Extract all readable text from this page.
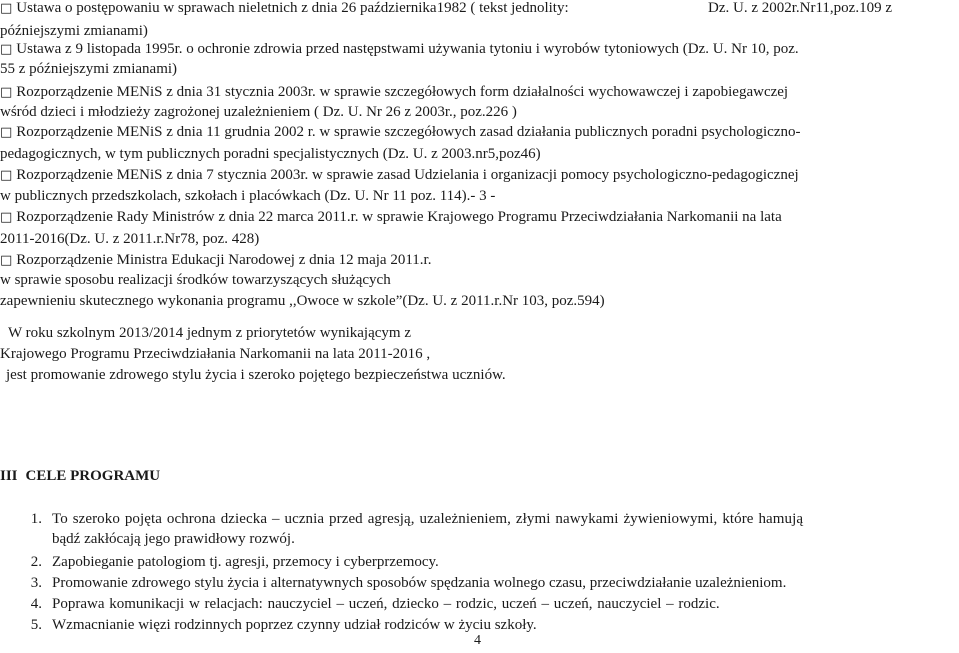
□ Ustawa o postępowaniu w sprawach nieletnich z dnia 26 października1982 ( tekst jednolity:	Dz. U. z 2002r.Nr11,poz.109 z
późniejszymi zmianami)
□ Ustawa z 9 listopada 1995r. o ochronie zdrowia przed następstwami używania tytoniu i wyrobów tytoniowych (Dz. U. Nr 10, poz.
55 z późniejszymi zmianami)
□ Rozporządzenie MENiS z dnia 31 stycznia 2003r. w sprawie szczegółowych form działalności wychowawczej i zapobiegawczej
wśród dzieci i młodzieży zagrożonej uzależnieniem ( Dz. U. Nr 26 z 2003r., poz.226 )
□ Rozporządzenie MENiS z dnia 11 grudnia 2002 r. w sprawie szczegółowych zasad działania publicznych poradni psychologiczno-
pedagogicznych, w tym publicznych poradni specjalistycznych (Dz. U. z 2003.nr5,poz46)
□ Rozporządzenie MENiS z dnia 7 stycznia 2003r. w sprawie zasad Udzielania i organizacji pomocy psychologiczno-pedagogicznej
w publicznych przedszkolach, szkołach i placówkach (Dz. U. Nr 11 poz. 114).- 3 -
□ Rozporządzenie Rady Ministrów z dnia 22 marca 2011.r. w sprawie Krajowego Programu Przeciwdziałania Narkomanii na lata
2011-2016(Dz. U. z 2011.r.Nr78, poz. 428)
□ Rozporządzenie Ministra Edukacji Narodowej z dnia 12 maja 2011.r.
w sprawie sposobu realizacji środków towarzyszących służących
zapewnieniu skutecznego wykonania programu ,,Owoce w szkole”(Dz. U. z 2011.r.Nr 103, poz.594)
W roku szkolnym 2013/2014 jednym z priorytetów wynikającym z
Krajowego Programu Przeciwdziałania Narkomanii na lata 2011-2016 ,
jest promowanie zdrowego stylu życia i szeroko pojętego bezpieczeństwa uczniów.
III CELE PROGRAMU
1. To szeroko pojęta ochrona dziecka – ucznia przed agresją, uzależnieniem, złymi nawykami żywieniowymi, które hamują
bądź zakłócają jego prawidłowy rozwój.
2. Zapobieganie patologiom tj. agresji, przemocy i cyberprzemocy.
3. Promowanie zdrowego stylu życia i alternatywnych sposobów spędzania wolnego czasu, przeciwdziałanie uzależnieniom.
4. Poprawa komunikacji w relacjach: nauczyciel – uczeń, dziecko – rodzic, uczeń – uczeń, nauczyciel – rodzic.
5. Wzmacnianie więzi rodzinnych poprzez czynny udział rodziców w życiu szkoły.
4
